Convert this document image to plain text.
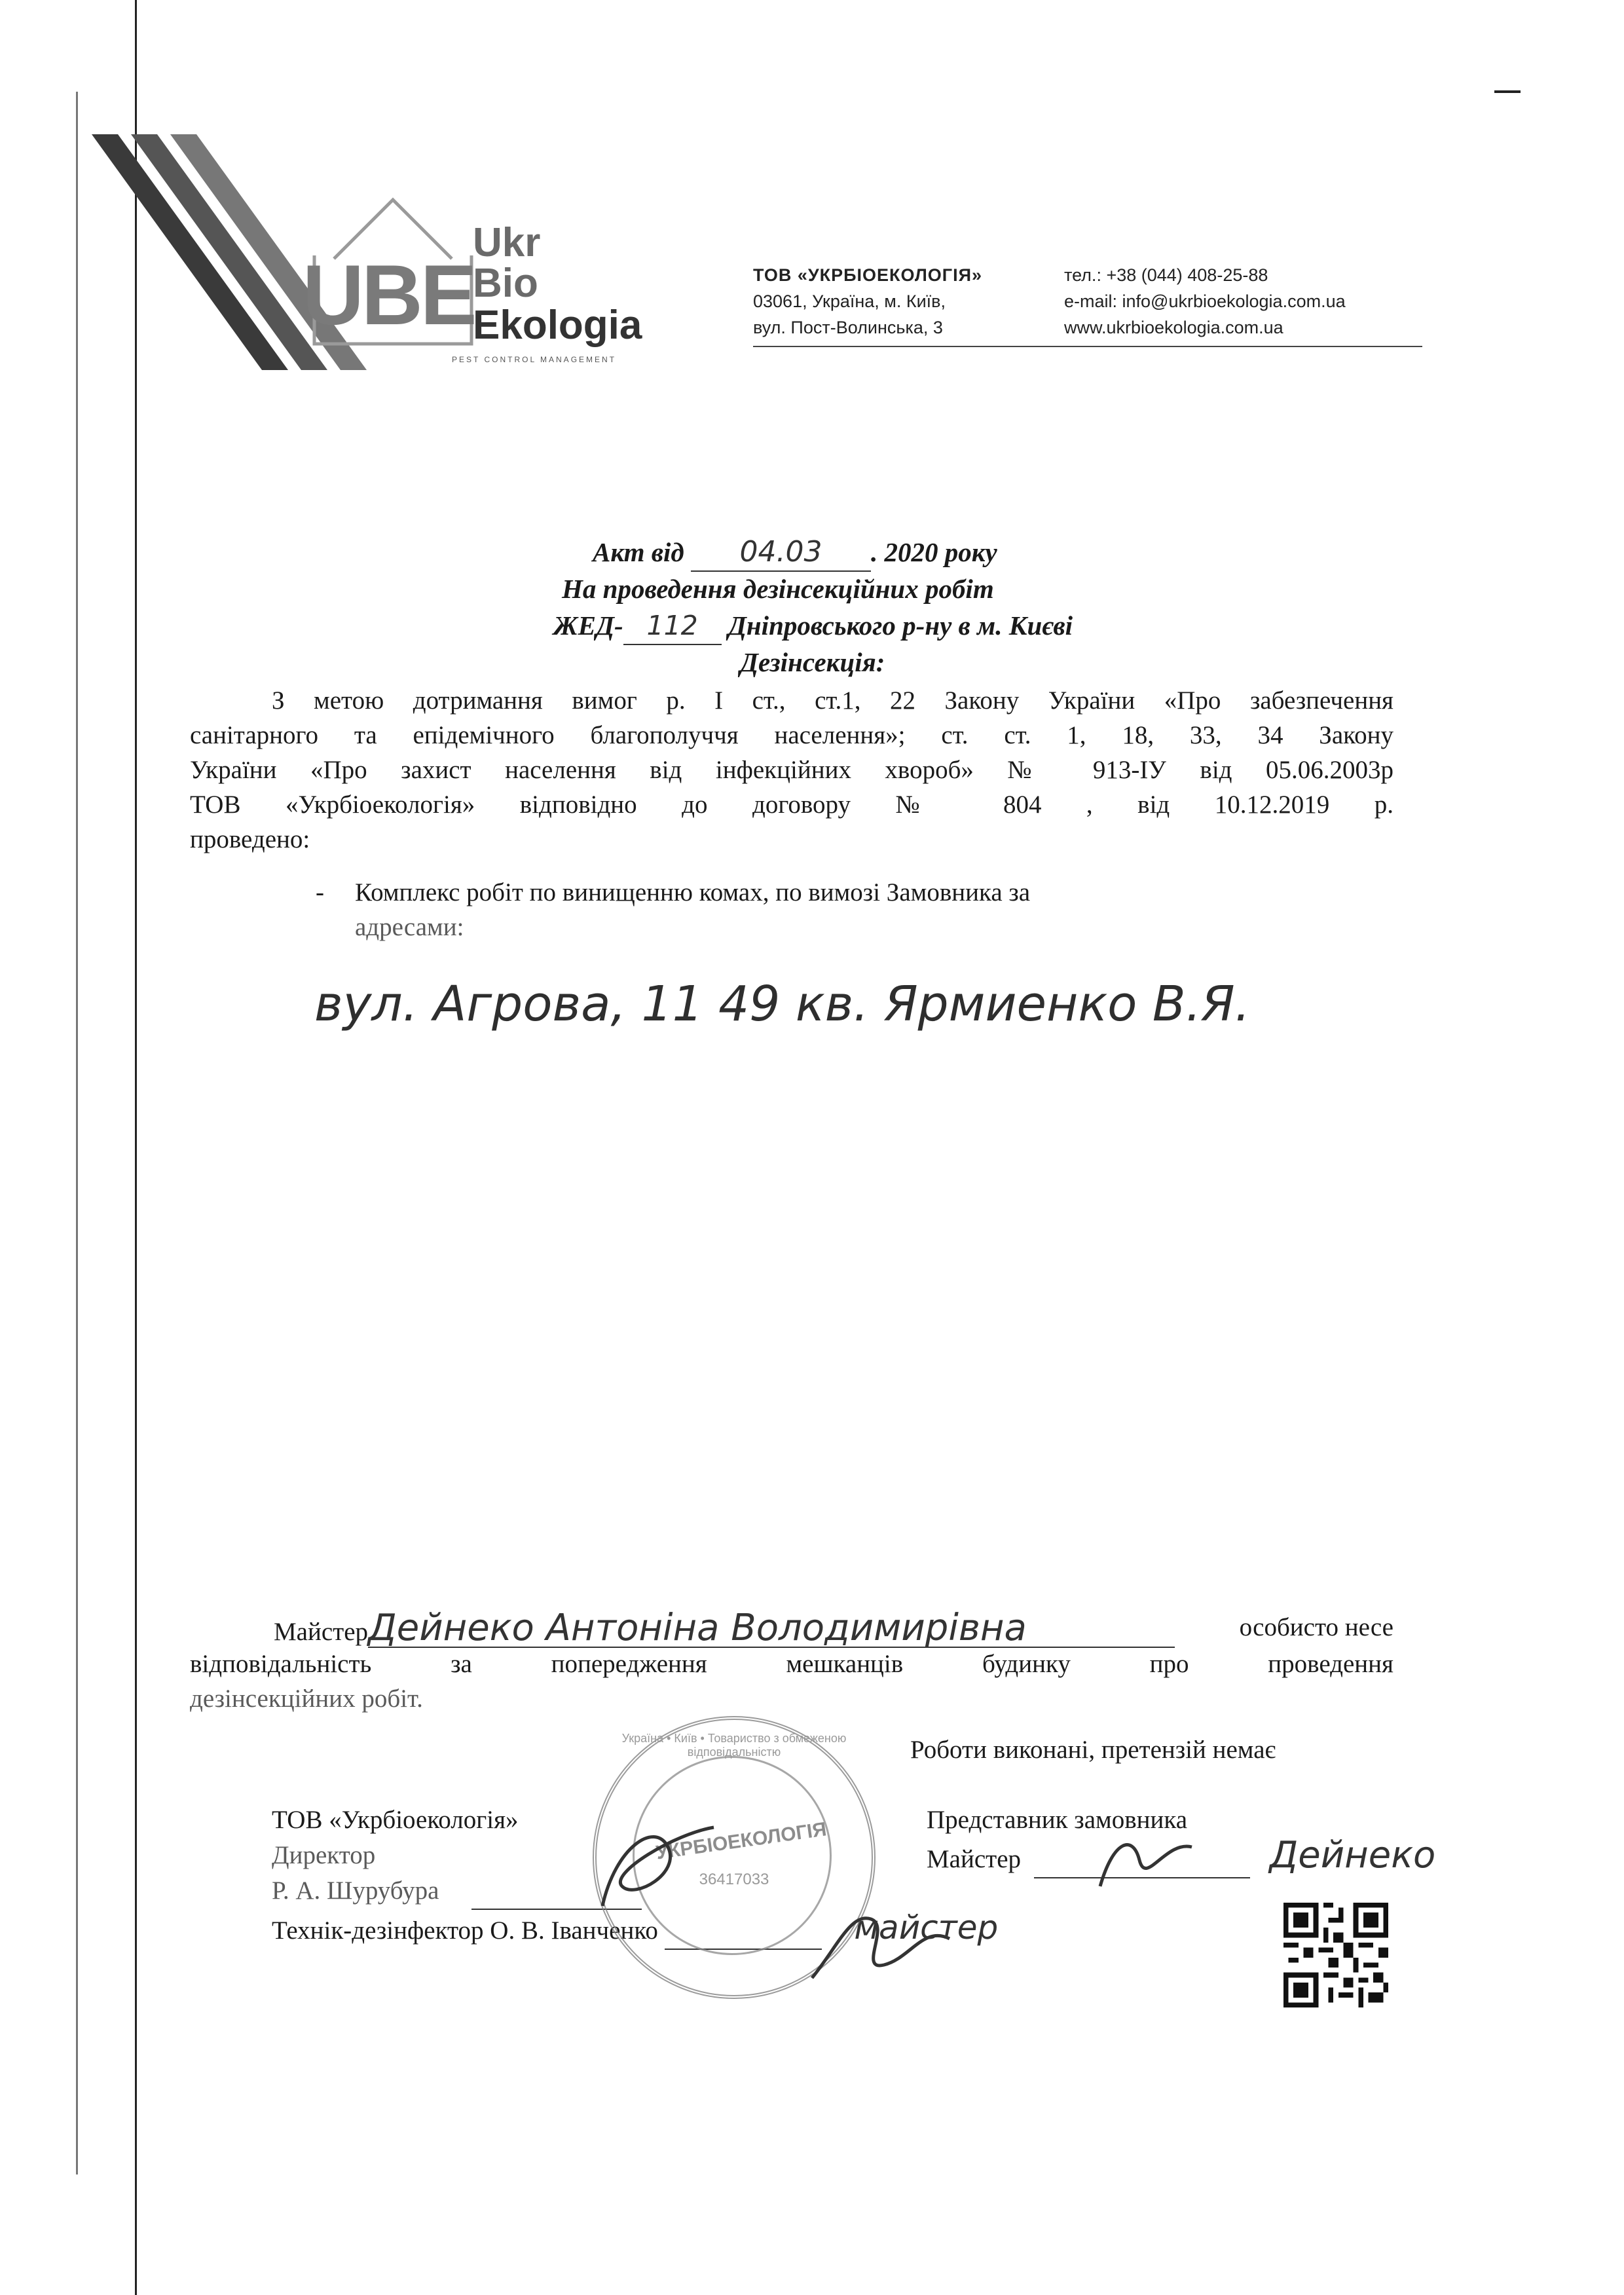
UBE
Ukr
Bio
Ekologia
PEST CONTROL MANAGEMENT
ТОВ «УКРБІОЕКОЛОГІЯ»
03061, Україна, м. Київ,
вул. Пост-Волинська, 3
тел.: +38 (044) 408-25-88
e-mail: info@ukrbioekologia.com.ua
www.ukrbioekologia.com.ua
Акт від 04.03 . 2020 року
На проведення дезінсекційних робіт
ЖЕД- 112 Дніпровського р-ну в м. Києві
Дезінсекція:
З метою дотримання вимог р. І ст., ст.1, 22 Закону України «Про забезпечення
санітарного та епідемічного благополуччя населення»; ст. ст. 1, 18, 33, 34 Закону
України «Про захист населення від інфекційних хвороб» № 913-IУ від 05.06.2003р
ТОВ «Укрбіоекологія» відповідно до договору № 804 , від 10.12.2019 р.
проведено:
- Комплекс робіт по винищенню комах, по вимозі Замовника за
адресами:
вул. Агрова, 11 49 кв. Ярмиенко В.Я.
МайстерДейнеко Антоніна Володимирівна	особисто несе
відповідальність за попередження мешканців будинку про проведення
дезінсекційних робіт.
Роботи виконані, претензій немає
ТОВ «Укрбіоекологія»
Директор
Р. А. Шурубура
Технік-дезінфектор О. В. Іванченко	майстер
Представник замовника
Майстер	Дейнеко
Україна • Київ • Товариство з обмеженою відповідальністю
УКРБІОЕКОЛОГІЯ
36417033
